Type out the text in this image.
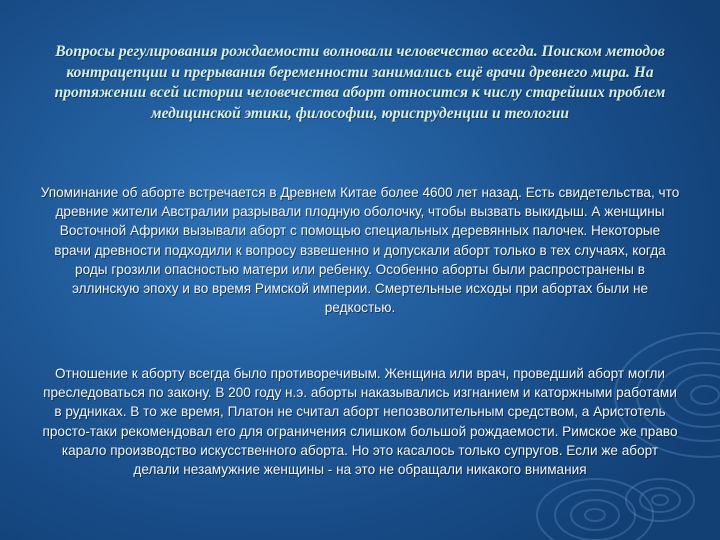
Вопросы регулирования рождаемости волновали человечество всегда. Поиском методов контрацепции и прерывания беременности занимались ещё врачи древнего мира. На протяжении всей истории человечества аборт относится к числу старейших проблем медицинской этики, философии, юриспруденции и теологии

Упоминание об аборте встречается в Древнем Китае более 4600 лет назад. Есть свидетельства, что древние жители Австралии разрывали плодную оболочку, чтобы вызвать выкидыш. А женщины Восточной Африки вызывали аборт с помощью специальных деревянных палочек. Некоторые врачи древности подходили к вопросу взвешенно и допускали аборт только в тех случаях, когда роды грозили опасностью матери или ребенку. Особенно аборты были распространены в эллинскую эпоху и во время Римской империи. Смертельные исходы при абортах были не редкостью.

Отношение к аборту всегда было противоречивым. Женщина или врач, проведший аборт могли преследоваться по закону. В 200 году н.э. аборты наказывались изгнанием и каторжными работами в рудниках. В то же время, Платон не считал аборт непозволительным средством, а Аристотель просто-таки рекомендовал его для ограничения слишком большой рождаемости. Римское же право карало производство искусственного аборта. Но это касалось только супругов. Если же аборт делали незамужние женщины - на это не обращали никакого внимания
